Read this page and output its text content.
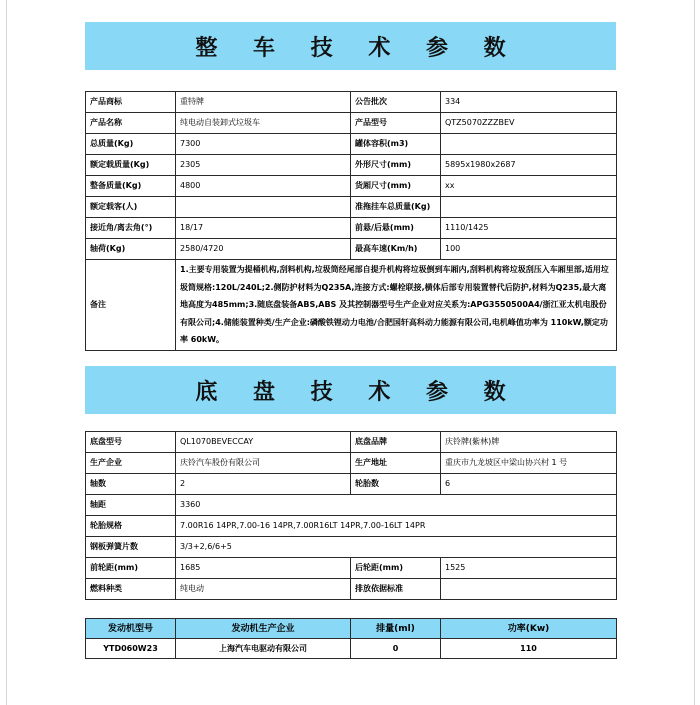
整 车 技 术 参 数
产品商标	重特牌	公告批次	334
产品名称	纯电动自装卸式垃圾车	产品型号	QTZ5070ZZZBEV
总质量(Kg)	7300	罐体容积(m3)	
额定载质量(Kg)	2305	外形尺寸(mm)	5895x1980x2687
整备质量(Kg)	4800	货厢尺寸(mm)	xx
额定载客(人)		准拖挂车总质量(Kg)	
接近角/离去角(°)	18/17	前悬/后悬(mm)	1110/1425
轴荷(Kg)	2580/4720	最高车速(Km/h)	100
备注	1.主要专用装置为提桶机构,刮料机构,垃圾筒经尾部自提升机构将垃圾倒到车厢内,刮料机构将垃圾刮压入车厢里部,适用垃圾筒规格:120L/240L;2.侧防护材料为Q235A,连接方式:螺栓联接,横体后部专用装置替代后防护,材料为Q235,最大离地高度为485mm;3.随底盘装备ABS,ABS 及其控制器型号生产企业对应关系为:APG3550500A4/浙江亚太机电股份有限公司;4.储能装置种类/生产企业:磷酸铁锂动力电池/合肥国轩高科动力能源有限公司,电机峰值功率为 110kW,额定功率 60kW。		
底 盘 技 术 参 数
底盘型号	QL1070BEVECCAY	底盘品牌	庆铃牌(紫林)牌
生产企业	庆铃汽车股份有限公司	生产地址	重庆市九龙坡区中梁山协兴村 1 号
轴数	2	轮胎数	6
轴距	3360		
轮胎规格	7.00R16 14PR,7.00-16 14PR,7.00R16LT 14PR,7.00-16LT 14PR		
钢板弹簧片数	3/3+2,6/6+5		
前轮距(mm)	1685	后轮距(mm)	1525
燃料种类	纯电动	排放依据标准	
发动机型号	发动机生产企业	排量(ml)	功率(Kw)
YTD060W23	上海汽车电驱动有限公司	0	110
